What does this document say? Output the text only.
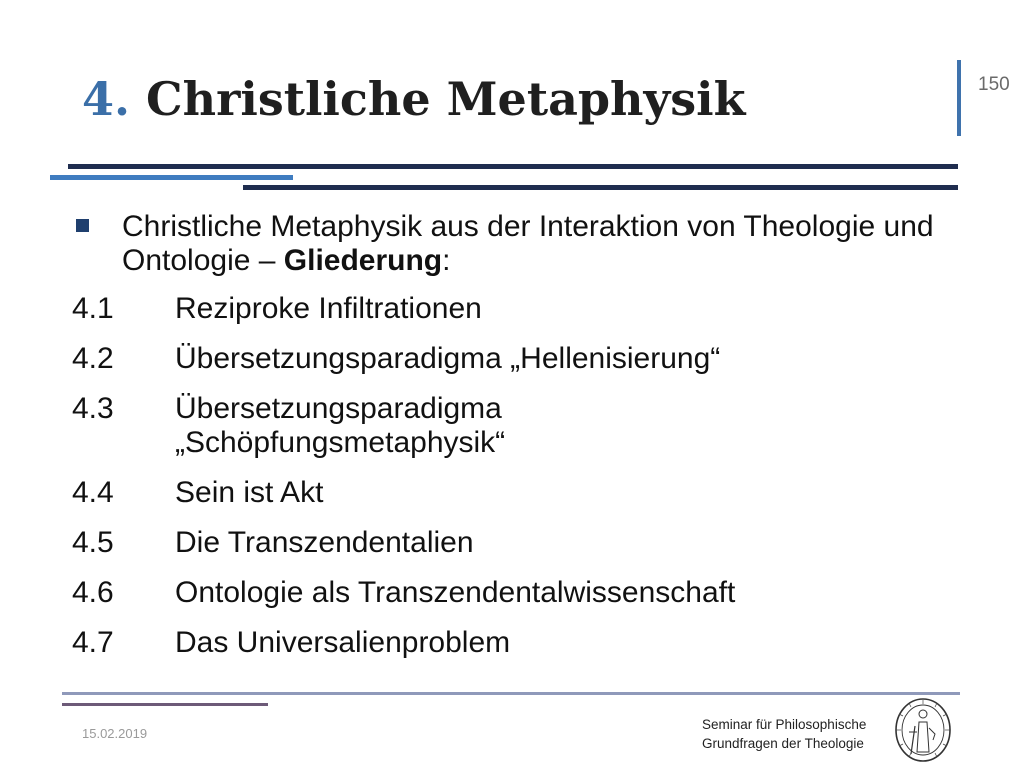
4. Christliche Metaphysik	150
Christliche Metaphysik aus der Interaktion von Theologie und Ontologie – Gliederung:
4.1	Reziproke Infiltrationen
4.2	Übersetzungsparadigma „Hellenisierung“
4.3	Übersetzungsparadigma „Schöpfungsmetaphysik“
4.4	Sein ist Akt
4.5	Die Transzendentalien
4.6	Ontologie als Transzendentalwissenschaft
4.7	Das Universalienproblem
15.02.2019
Seminar für Philosophische
Grundfragen der Theologie
